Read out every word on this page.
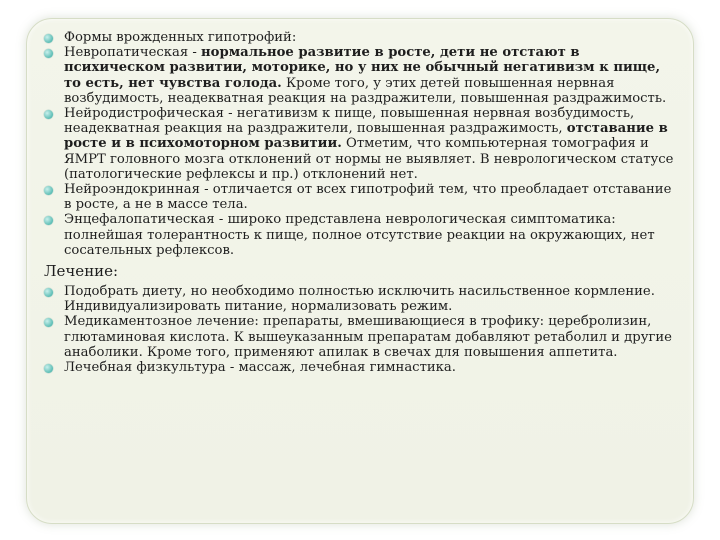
Формы врожденных гипотрофий:
Невропатическая - нормальное развитие в росте, дети не отстают в психическом развитии, моторике, но у них не обычный негативизм к пище, то есть, нет чувства голода. Кроме того, у этих детей повышенная нервная возбудимость, неадекватная реакция на раздражители, повышенная раздражимость.
Нейродистрофическая - негативизм к пище, повышенная нервная возбудимость, неадекватная реакция на раздражители, повышенная раздражимость, отставание в росте и в психомоторном развитии. Отметим, что компьютерная томография и ЯМРТ головного мозга отклонений от нормы не выявляет. В неврологическом статусе (патологические рефлексы и пр.) отклонений нет.
Нейроэндокринная - отличается от всех гипотрофий тем, что преобладает отставание в росте, а не в массе тела.
Энцефалопатическая - широко представлена неврологическая симптоматика: полнейшая толерантность к пище, полное отсутствие реакции на окружающих, нет сосательных рефлексов.
Лечение:
Подобрать диету, но необходимо полностью исключить насильственное кормление. Индивидуализировать питание, нормализовать режим.
Медикаментозное лечение: препараты, вмешивающиеся в трофику: церебролизин, глютаминовая кислота. К вышеуказанным препаратам добавляют ретаболил и другие анаболики. Кроме того, применяют апилак в свечах для повышения аппетита.
Лечебная физкультура - массаж, лечебная гимнастика.
